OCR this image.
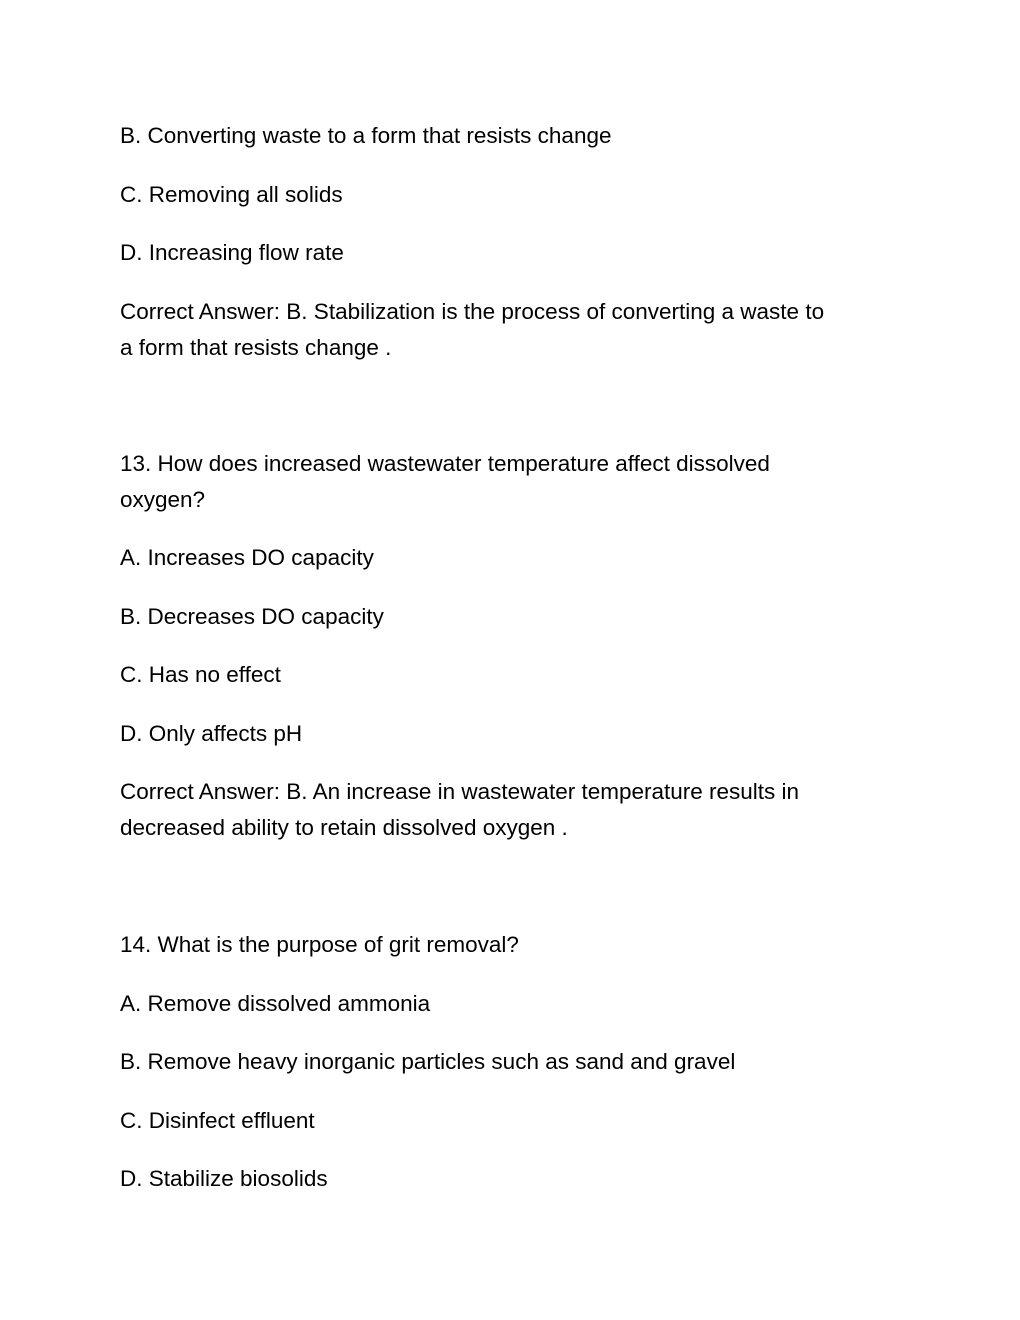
B. Converting waste to a form that resists change
C. Removing all solids
D. Increasing flow rate
Correct Answer: B. Stabilization is the process of converting a waste to
a form that resists change .
13. How does increased wastewater temperature affect dissolved
oxygen?
A. Increases DO capacity
B. Decreases DO capacity
C. Has no effect
D. Only affects pH
Correct Answer: B. An increase in wastewater temperature results in
decreased ability to retain dissolved oxygen .
14. What is the purpose of grit removal?
A. Remove dissolved ammonia
B. Remove heavy inorganic particles such as sand and gravel
C. Disinfect effluent
D. Stabilize biosolids
